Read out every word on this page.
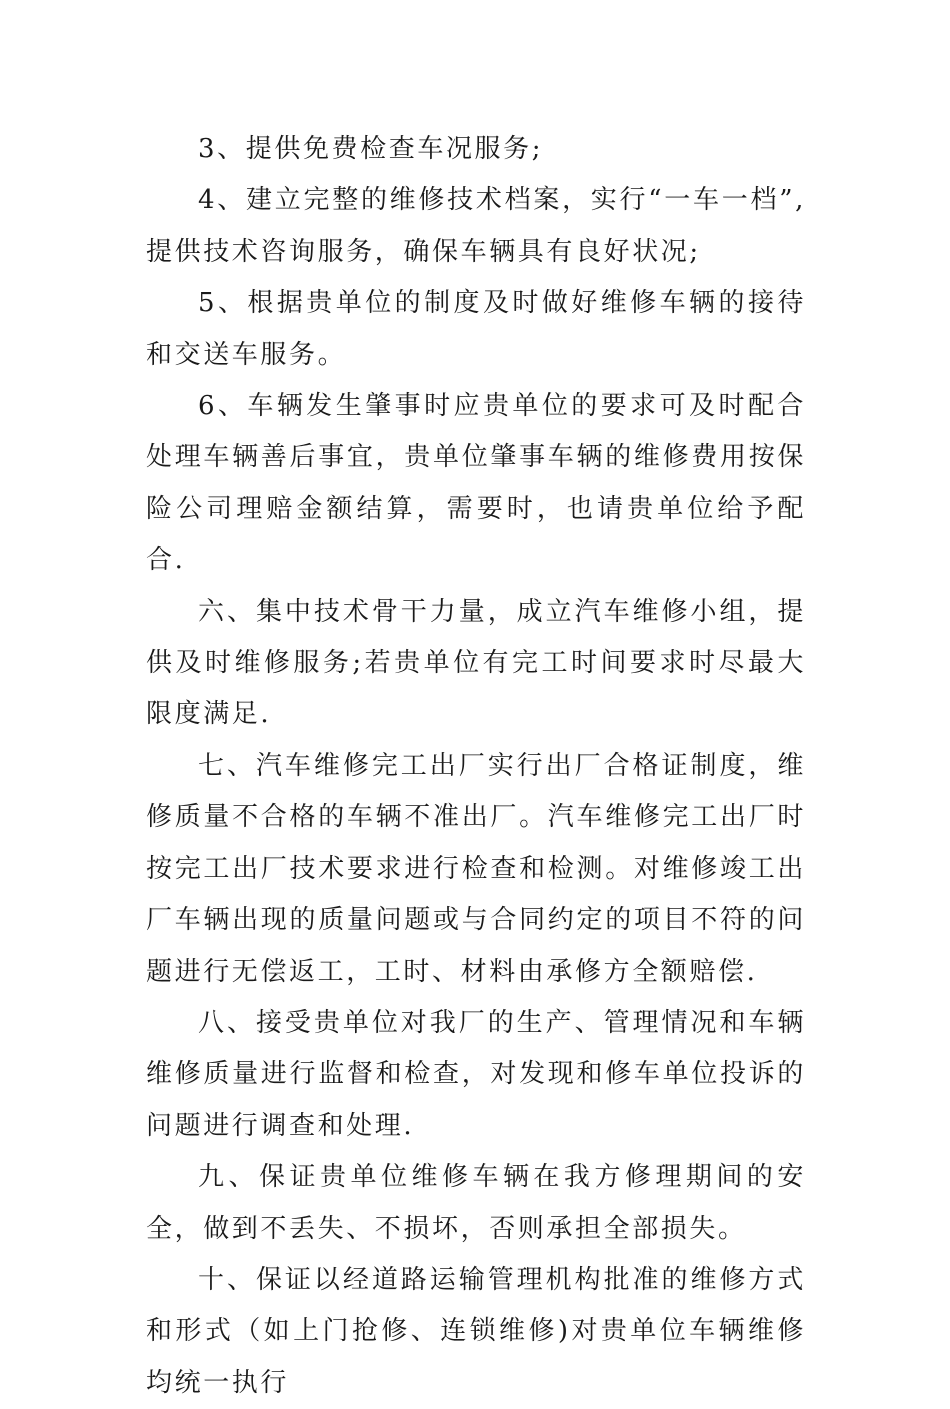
3、提供免费检查车况服务;

4、建立完整的维修技术档案，实行“一车一档”,提供技术咨询服务，确保车辆具有良好状况;

5、根据贵单位的制度及时做好维修车辆的接待和交送车服务。

6、车辆发生肇事时应贵单位的要求可及时配合处理车辆善后事宜，贵单位肇事车辆的维修费用按保险公司理赔金额结算，需要时，也请贵单位给予配合.

六、集中技术骨干力量，成立汽车维修小组，提供及时维修服务;若贵单位有完工时间要求时尽最大限度满足.

七、汽车维修完工出厂实行出厂合格证制度，维修质量不合格的车辆不准出厂。汽车维修完工出厂时按完工出厂技术要求进行检查和检测。对维修竣工出厂车辆出现的质量问题或与合同约定的项目不符的问题进行无偿返工，工时、材料由承修方全额赔偿.

八、接受贵单位对我厂的生产、管理情况和车辆维修质量进行监督和检查，对发现和修车单位投诉的问题进行调查和处理.

九、保证贵单位维修车辆在我方修理期间的安全，做到不丢失、不损坏，否则承担全部损失。

十、保证以经道路运输管理机构批准的维修方式和形式（如上门抢修、连锁维修)对贵单位车辆维修均统一执行
